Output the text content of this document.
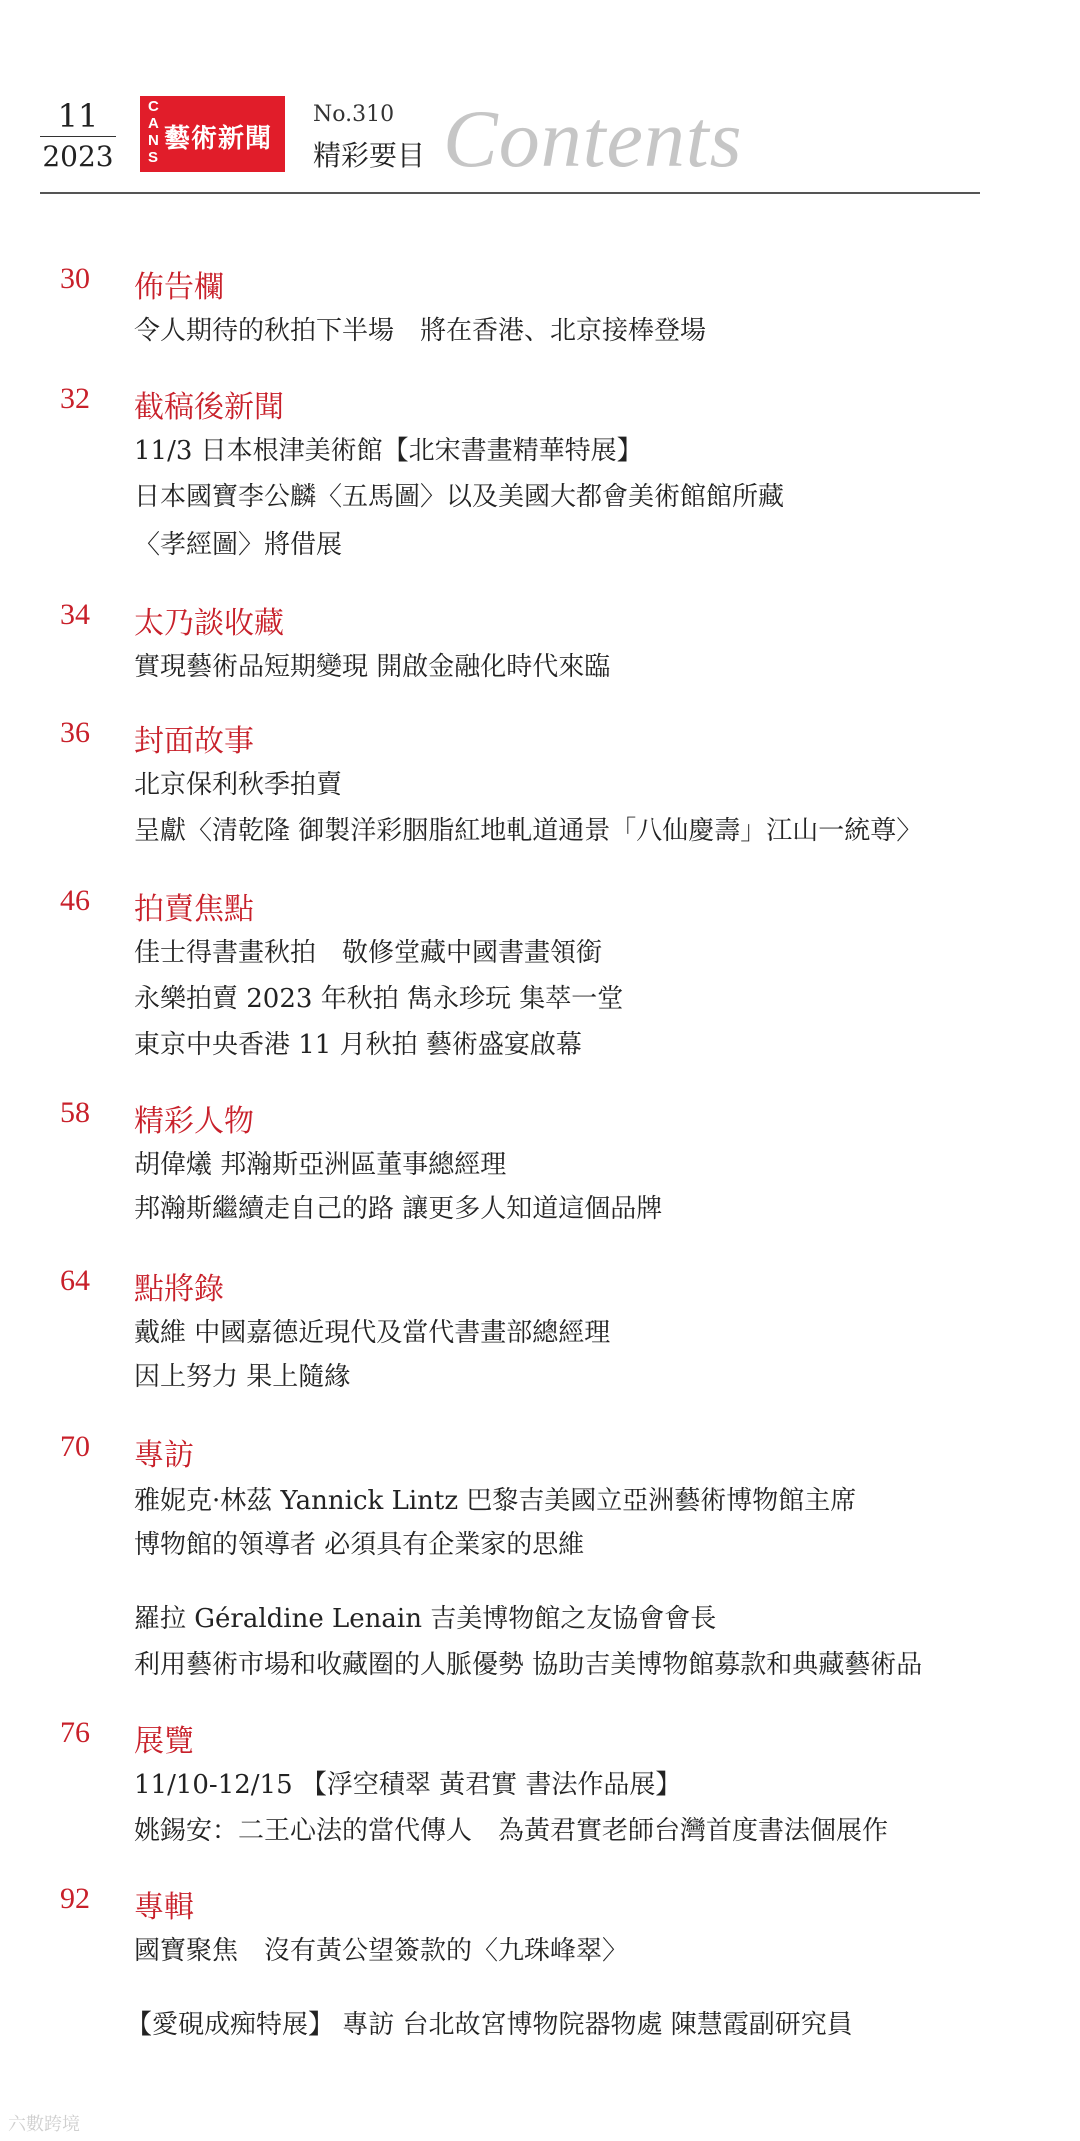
11
2023
CANS
藝術新聞
No.310
精彩要目 Contents
30	佈告欄
令人期待的秋拍下半場　將在香港、北京接棒登場
32	截稿後新聞
11/3 日本根津美術館【北宋書畫精華特展】
日本國寶李公麟〈五馬圖〉以及美國大都會美術館館所藏
〈孝經圖〉將借展
34	太乃談收藏
實現藝術品短期變現 開啟金融化時代來臨
36	封面故事
北京保利秋季拍賣
呈獻〈清乾隆 御製洋彩胭脂紅地軋道通景「八仙慶壽」江山一統尊〉
46	拍賣焦點
佳士得書畫秋拍　敬修堂藏中國書畫領銜
永樂拍賣 2023 年秋拍 雋永珍玩 集萃一堂
東京中央香港 11 月秋拍 藝術盛宴啟幕
58	精彩人物
胡偉爔 邦瀚斯亞洲區董事總經理
邦瀚斯繼續走自己的路 讓更多人知道這個品牌
64	點將錄
戴維 中國嘉德近現代及當代書畫部總經理
因上努力 果上隨緣
70	專訪
雅妮克·林茲 Yannick Lintz 巴黎吉美國立亞洲藝術博物館主席
博物館的領導者 必須具有企業家的思維
羅拉 Géraldine Lenain 吉美博物館之友協會會長
利用藝術市場和收藏圈的人脈優勢 協助吉美博物館募款和典藏藝術品
76	展覽
11/10-12/15 【浮空積翠 黃君實 書法作品展】
姚錫安：二王心法的當代傳人　為黃君實老師台灣首度書法個展作
92	專輯
國寶聚焦　沒有黃公望簽款的〈九珠峰翠〉
【愛硯成痴特展】 專訪 台北故宮博物院器物處 陳慧霞副研究員
六數跨境
